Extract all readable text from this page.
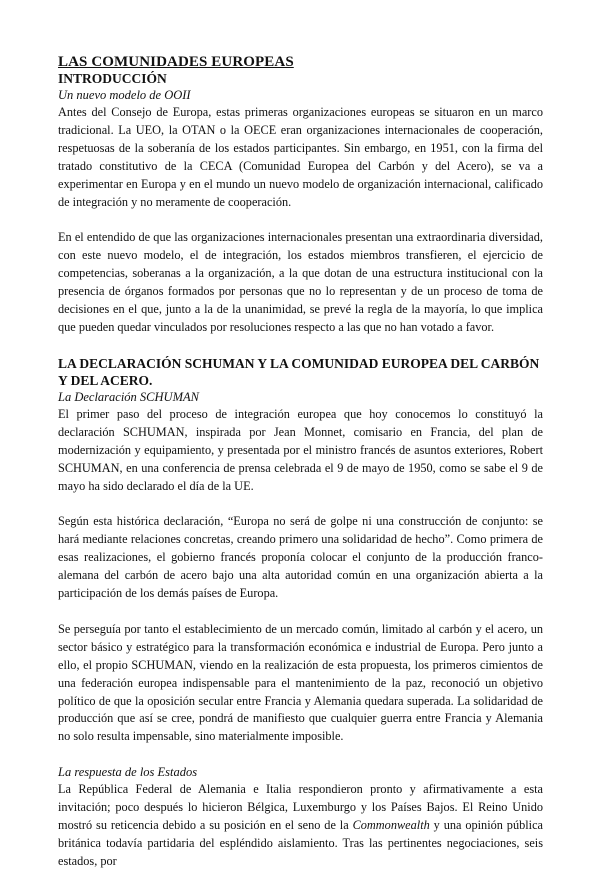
LAS COMUNIDADES EUROPEAS
INTRODUCCIÓN

Un nuevo modelo de OOII

Antes del Consejo de Europa, estas primeras organizaciones europeas se situaron en un marco tradicional. La UEO, la OTAN o la OECE eran organizaciones internacionales de cooperación, respetuosas de la soberanía de los estados participantes. Sin embargo, en 1951, con la firma del tratado constitutivo de la CECA (Comunidad Europea del Carbón y del Acero), se va a experimentar en Europa y en el mundo un nuevo modelo de organización internacional, calificado de integración y no meramente de cooperación.

En el entendido de que las organizaciones internacionales presentan una extraordinaria diversidad, con este nuevo modelo, el de integración, los estados miembros transfieren, el ejercicio de competencias, soberanas a la organización, a la que dotan de una estructura institucional con la presencia de órganos formados por personas que no lo representan y de un proceso de toma de decisiones en el que, junto a la de la unanimidad, se prevé la regla de la mayoría, lo que implica que pueden quedar vinculados por resoluciones respecto a las que no han votado a favor.

LA DECLARACIÓN SCHUMAN Y LA COMUNIDAD EUROPEA DEL CARBÓN Y DEL ACERO.

La Declaración SCHUMAN

El primer paso del proceso de integración europea que hoy conocemos lo constituyó la declaración SCHUMAN, inspirada por Jean Monnet, comisario en Francia, del plan de modernización y equipamiento, y presentada por el ministro francés de asuntos exteriores, Robert SCHUMAN, en una conferencia de prensa celebrada el 9 de mayo de 1950, como se sabe el 9 de mayo ha sido declarado el día de la UE.

Según esta histórica declaración, “Europa no será de golpe ni una construcción de conjunto: se hará mediante relaciones concretas, creando primero una solidaridad de hecho”. Como primera de esas realizaciones, el gobierno francés proponía colocar el conjunto de la producción franco-alemana del carbón de acero bajo una alta autoridad común en una organización abierta a la participación de los demás países de Europa.

Se perseguía por tanto el establecimiento de un mercado común, limitado al carbón y el acero, un sector básico y estratégico para la transformación económica e industrial de Europa. Pero junto a ello, el propio SCHUMAN, viendo en la realización de esta propuesta, los primeros cimientos de una federación europea indispensable para el mantenimiento de la paz, reconoció un objetivo político de que la oposición secular entre Francia y Alemania quedara superada. La solidaridad de producción que así se cree, pondrá de manifiesto que cualquier guerra entre Francia y Alemania no solo resulta impensable, sino materialmente imposible.

La respuesta de los Estados

La República Federal de Alemania e Italia respondieron pronto y afirmativamente a esta invitación; poco después lo hicieron Bélgica, Luxemburgo y los Países Bajos. El Reino Unido mostró su reticencia debido a su posición en el seno de la Commonwealth y una opinión pública británica todavía partidaria del espléndido aislamiento. Tras las pertinentes negociaciones, seis estados, por
